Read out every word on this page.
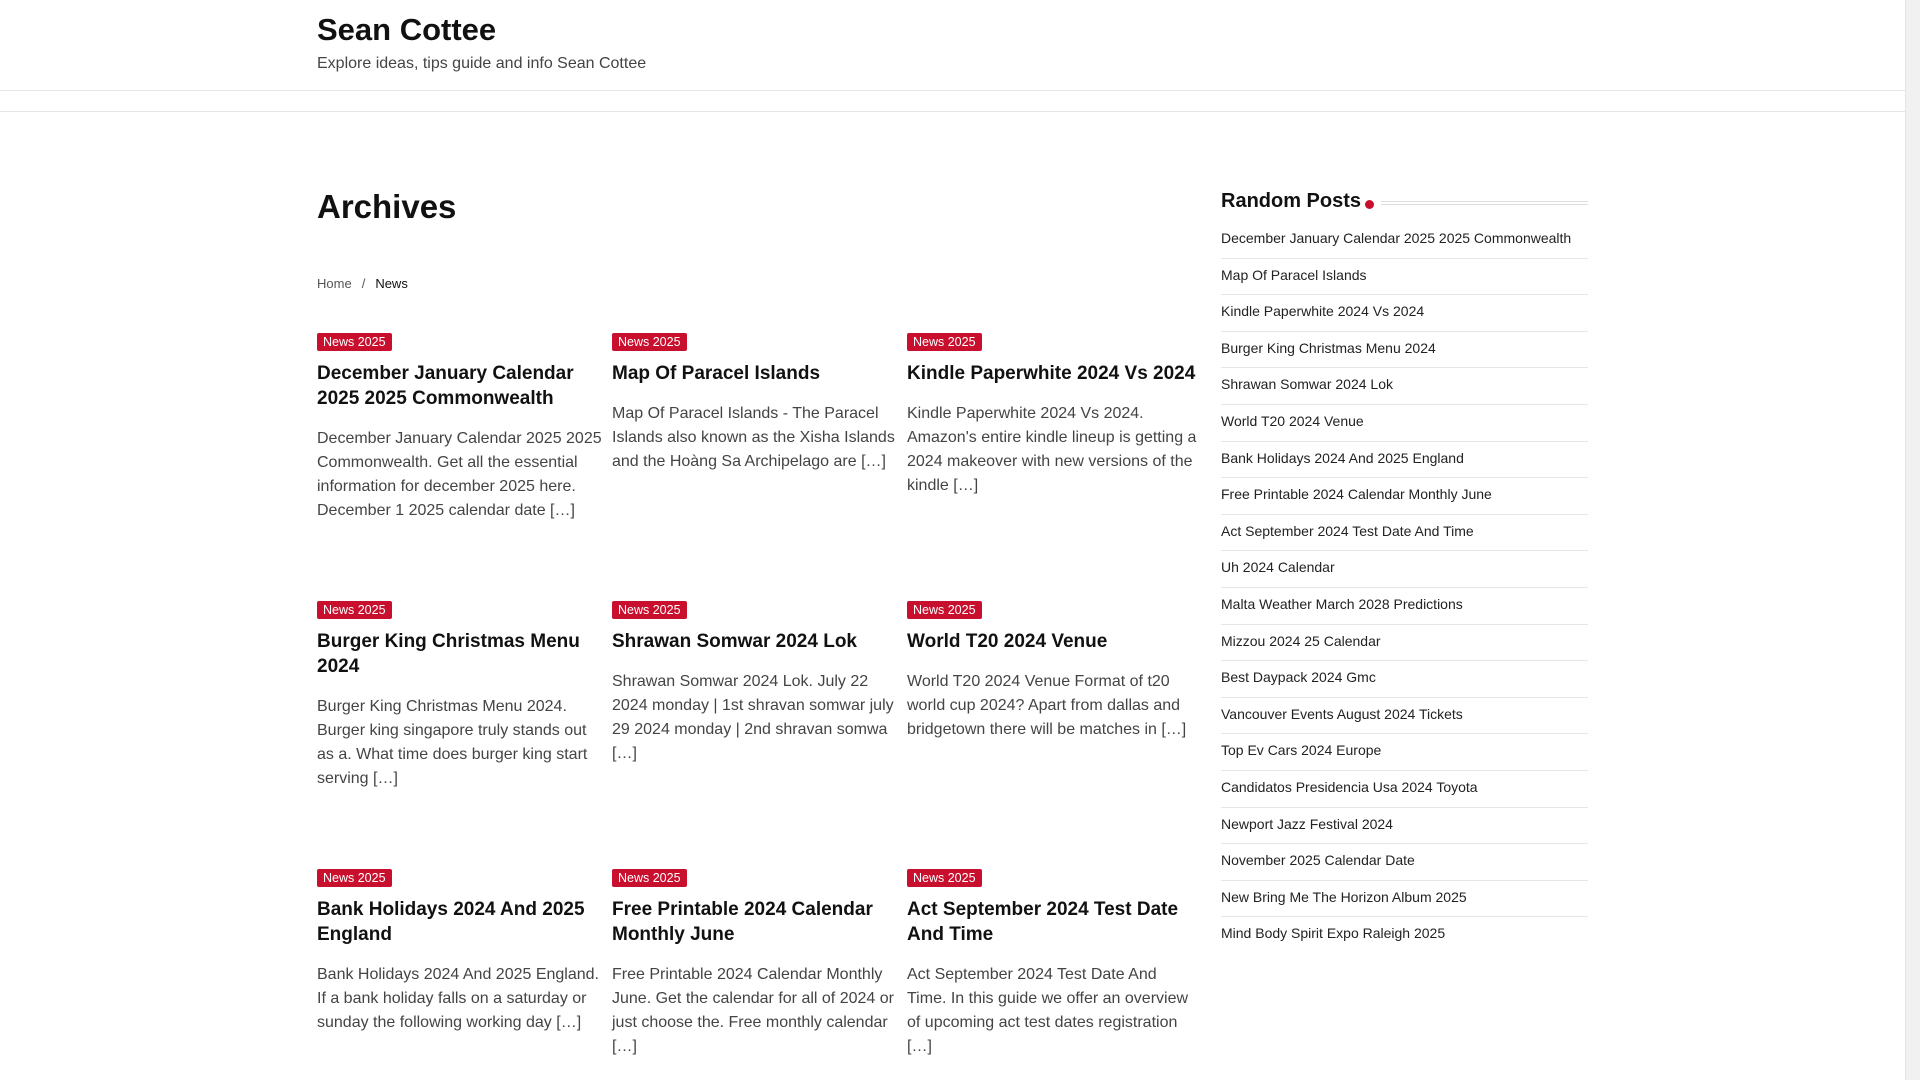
Sean Cottee
Explore ideas, tips guide and info Sean Cottee
Archives
Home / News
News 2025
December January Calendar 2025 2025 Commonwealth

December January Calendar 2025 2025 Commonwealth. Get all the essential information for december 2025 here. December 1 2025 calendar date […]

News 2025
Map Of Paracel Islands

Map Of Paracel Islands - The Paracel Islands also known as the Xisha Islands and the Hoàng Sa Archipelago are […]

News 2025
Kindle Paperwhite 2024 Vs 2024

Kindle Paperwhite 2024 Vs 2024. Amazon's entire kindle lineup is getting a 2024 makeover with new versions of the kindle […]

News 2025
Burger King Christmas Menu 2024

Burger King Christmas Menu 2024. Burger king singapore truly stands out as a. What time does burger king start serving […]

News 2025
Shrawan Somwar 2024 Lok

Shrawan Somwar 2024 Lok. July 22 2024 monday | 1st shravan somwar july 29 2024 monday | 2nd shravan somwa […]

News 2025
World T20 2024 Venue

World T20 2024 Venue Format of t20 world cup 2024? Apart from dallas and bridgetown there will be matches in […]

News 2025
Bank Holidays 2024 And 2025 England

Bank Holidays 2024 And 2025 England. If a bank holiday falls on a saturday or sunday the following working day […]

News 2025
Free Printable 2024 Calendar Monthly June

Free Printable 2024 Calendar Monthly June. Get the calendar for all of 2024 or just choose the. Free monthly calendar […]

News 2025
Act September 2024 Test Date And Time

Act September 2024 Test Date And Time. In this guide we offer an overview of upcoming act test dates registration […]

Random Posts
December January Calendar 2025 2025 Commonwealth
Map Of Paracel Islands
Kindle Paperwhite 2024 Vs 2024
Burger King Christmas Menu 2024
Shrawan Somwar 2024 Lok
World T20 2024 Venue
Bank Holidays 2024 And 2025 England
Free Printable 2024 Calendar Monthly June
Act September 2024 Test Date And Time
Uh 2024 Calendar
Malta Weather March 2028 Predictions
Mizzou 2024 25 Calendar
Best Daypack 2024 Gmc
Vancouver Events August 2024 Tickets
Top Ev Cars 2024 Europe
Candidatos Presidencia Usa 2024 Toyota
Newport Jazz Festival 2024
November 2025 Calendar Date
New Bring Me The Horizon Album 2025
Mind Body Spirit Expo Raleigh 2025
